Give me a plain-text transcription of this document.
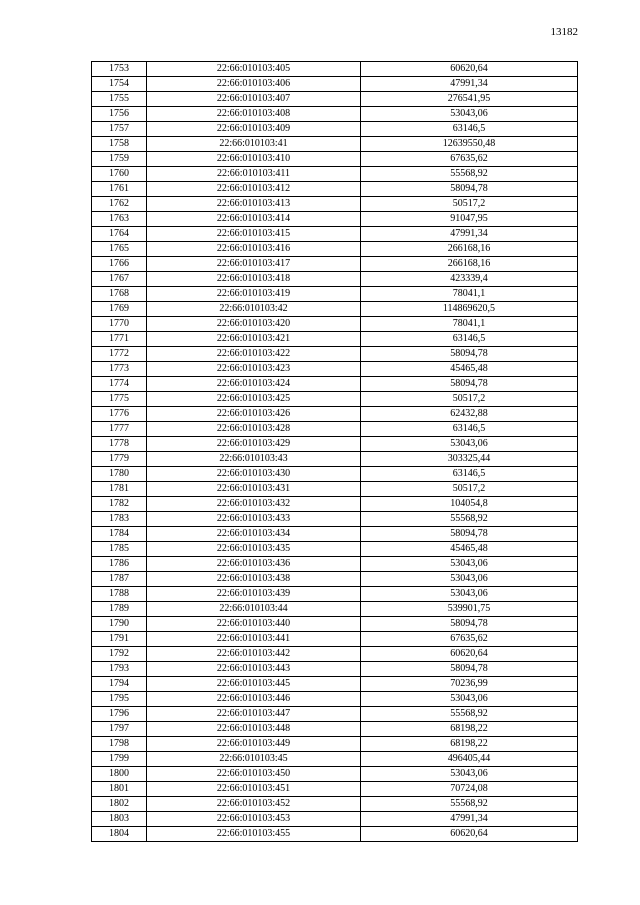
13182
1753	22:66:010103:405	60620,64
1754	22:66:010103:406	47991,34
1755	22:66:010103:407	276541,95
1756	22:66:010103:408	53043,06
1757	22:66:010103:409	63146,5
1758	22:66:010103:41	12639550,48
1759	22:66:010103:410	67635,62
1760	22:66:010103:411	55568,92
1761	22:66:010103:412	58094,78
1762	22:66:010103:413	50517,2
1763	22:66:010103:414	91047,95
1764	22:66:010103:415	47991,34
1765	22:66:010103:416	266168,16
1766	22:66:010103:417	266168,16
1767	22:66:010103:418	423339,4
1768	22:66:010103:419	78041,1
1769	22:66:010103:42	114869620,5
1770	22:66:010103:420	78041,1
1771	22:66:010103:421	63146,5
1772	22:66:010103:422	58094,78
1773	22:66:010103:423	45465,48
1774	22:66:010103:424	58094,78
1775	22:66:010103:425	50517,2
1776	22:66:010103:426	62432,88
1777	22:66:010103:428	63146,5
1778	22:66:010103:429	53043,06
1779	22:66:010103:43	303325,44
1780	22:66:010103:430	63146,5
1781	22:66:010103:431	50517,2
1782	22:66:010103:432	104054,8
1783	22:66:010103:433	55568,92
1784	22:66:010103:434	58094,78
1785	22:66:010103:435	45465,48
1786	22:66:010103:436	53043,06
1787	22:66:010103:438	53043,06
1788	22:66:010103:439	53043,06
1789	22:66:010103:44	539901,75
1790	22:66:010103:440	58094,78
1791	22:66:010103:441	67635,62
1792	22:66:010103:442	60620,64
1793	22:66:010103:443	58094,78
1794	22:66:010103:445	70236,99
1795	22:66:010103:446	53043,06
1796	22:66:010103:447	55568,92
1797	22:66:010103:448	68198,22
1798	22:66:010103:449	68198,22
1799	22:66:010103:45	496405,44
1800	22:66:010103:450	53043,06
1801	22:66:010103:451	70724,08
1802	22:66:010103:452	55568,92
1803	22:66:010103:453	47991,34
1804	22:66:010103:455	60620,64
